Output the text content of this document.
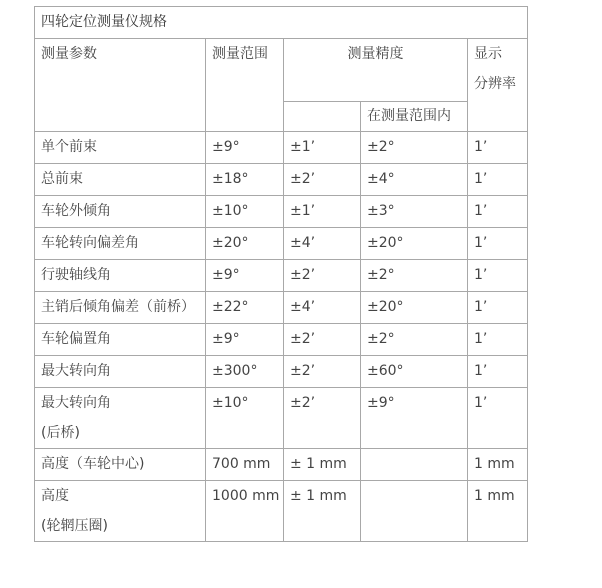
四轮定位测量仪规格				
测量参数	测量范围	测量精度		显示
分辨率

			在测量范围内	
单个前束	±9°	±1’	±2°	1’
总前束	±18°	±2’	±4°	1’
车轮外倾角	±10°	±1’	±3°	1’
车轮转向偏差角	±20°	±4’	±20°	1’
行驶轴线角	±9°	±2’	±2°	1’
主销后倾角偏差（前桥）	±22°	±4’	±20°	1’
车轮偏置角	±9°	±2’	±2°	1’
最大转向角	±300°	±2’	±60°	1’

最大转向角
(后桥)	±10°	±2’	±9°	1’
高度（车轮中心)	700 mm	± 1 mm		1 mm

高度
(轮辋压圈)	1000 mm	± 1 mm		1 mm
